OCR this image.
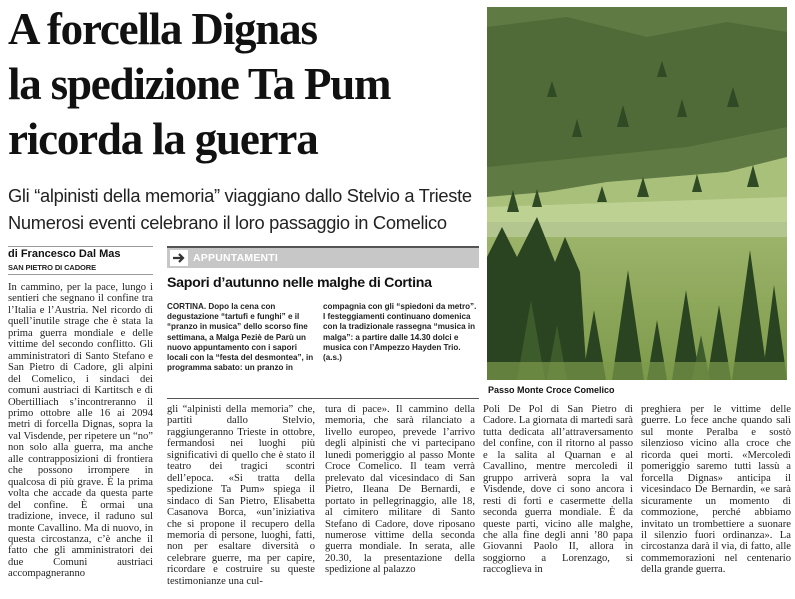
A forcella Dignas
la spedizione Ta Pum
ricorda la guerra
Gli “alpinisti della memoria” viaggiano dallo Stelvio a Trieste
Numerosi eventi celebrano il loro passaggio in Comelico
Passo Monte Croce Comelico
di Francesco Dal Mas
SAN PIETRO DI CADORE
In cammino, per la pace, lungo i sentieri che segnano il confine tra l’Italia e l’Austria. Nel ricordo di quell’inutile strage che è stata la prima guerra mondiale e delle vittime del secondo conflitto. Gli amministratori di Santo Stefano e San Pietro di Cadore, gli alpini del Comelico, i sindaci dei comuni austriaci di Kartitsch e di Obertilliach s’incontreranno il primo ottobre alle 16 ai 2094 metri di forcella Dignas, sopra la val Visdende, per ripetere un “no” non solo alla guerra, ma anche alle contrapposizioni di frontiera che possono irrompere in qualcosa di più grave. È la prima volta che accade da questa parte del confine. È ormai una tradizione, invece, il raduno sul monte Cavallino. Ma di nuovo, in questa circostanza, c’è anche il fatto che gli amministratori dei due Comuni austriaci accompagneranno
APPUNTAMENTI
Sapori d’autunno nelle malghe di Cortina
CORTINA. Dopo la cena con degustazione “tartufi e funghi” e il “pranzo in musica” dello scorso fine settimana, a Malga Peziè de Parù un nuovo appuntamento con i sapori locali con la “festa del desmontea”, in programma sabato: un pranzo in
compagnia con gli “spiedoni da metro”. I festeggiamenti continuano domenica con la tradizionale rassegna “musica in malga”: a partire dalle 14.30 dolci e musica con l’Ampezzo Hayden Trio. (a.s.)
gli “alpinisti della memoria” che, partiti dallo Stelvio, raggiungeranno Trieste in ottobre, fermandosi nei luoghi più significativi di quello che è stato il teatro dei tragici scontri dell’epoca. «Si tratta della spedizione Ta Pum» spiega il sindaco di San Pietro, Elisabetta Casanova Borca, «un’iniziativa che si propone il recupero della memoria di persone, luoghi, fatti, non per esaltare diversità o celebrare guerre, ma per capire, ricordare e costruire su queste testimonianze una cul-
tura di pace». Il cammino della memoria, che sarà rilanciato a livello europeo, prevede l’arrivo degli alpinisti che vi partecipano lunedì pomeriggio al passo Monte Croce Comelico. Il team verrà prelevato dal vicesindaco di San Pietro, Ileana De Bernardi, e portato in pellegrinaggio, alle 18, al cimitero militare di Santo Stefano di Cadore, dove riposano numerose vittime della seconda guerra mondiale. In serata, alle 20.30, la presentazione della spedizione al palazzo
Poli De Pol di San Pietro di Cadore. La giornata di martedì sarà tutta dedicata all’attraversamento del confine, con il ritorno al passo e la salita al Quarnan e al Cavallino, mentre mercoledì il gruppo arriverà sopra la val Visdende, dove ci sono ancora i resti di forti e casermette della seconda guerra mondiale. È da queste parti, vicino alle malghe, che alla fine degli anni ’80 papa Giovanni Paolo II, allora in soggiorno a Lorenzago, si raccoglieva in
preghiera per le vittime delle guerre. Lo fece anche quando salì sul monte Peralba e sostò silenzioso vicino alla croce che ricorda quei morti. «Mercoledì pomeriggio saremo tutti lassù a forcella Dignas» anticipa il vicesindaco De Bernardin, «e sarà sicuramente un momento di commozione, perché abbiamo invitato un trombettiere a suonare il silenzio fuori ordinanza». La circostanza darà il via, di fatto, alle commemorazioni nel centenario della grande guerra.
